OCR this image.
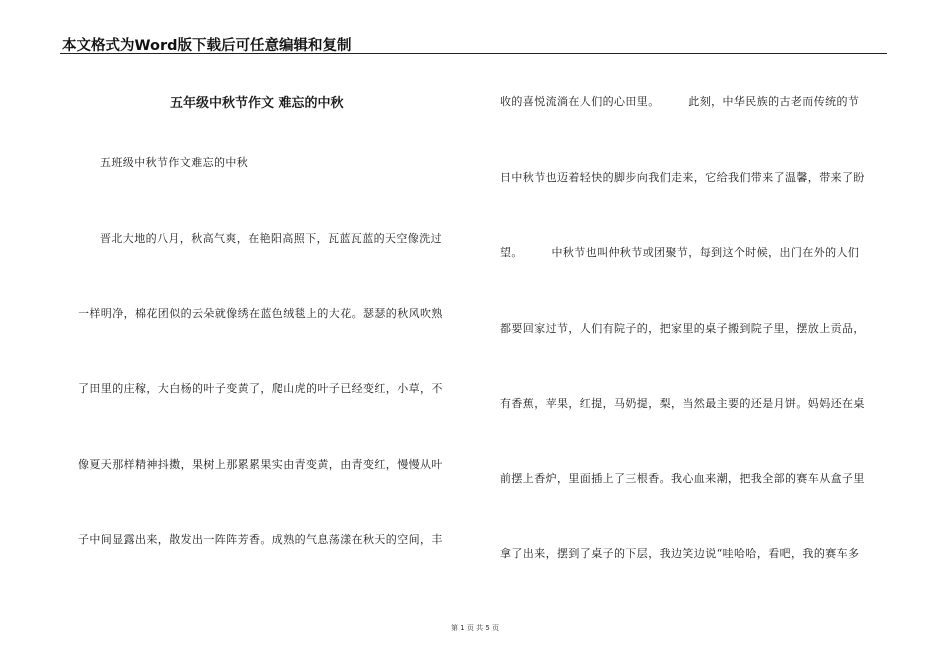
本文格式为Word版下载后可任意编辑和复制
五年级中秋节作文 难忘的中秋
五班级中秋节作文难忘的中秋
晋北大地的八月，秋高气爽，在艳阳高照下，瓦蓝瓦蓝的天空像洗过
一样明净，棉花团似的云朵就像绣在蓝色绒毯上的大花。瑟瑟的秋风吹熟
了田里的庄稼，大白杨的叶子变黄了，爬山虎的叶子已经变红，小草，不
像夏天那样精神抖擞，果树上那累累果实由青变黄，由青变红，慢慢从叶
子中间显露出来，散发出一阵阵芳香。成熟的气息荡漾在秋天的空间，丰
收的喜悦流淌在人们的心田里。　　　此刻，中华民族的古老而传统的节
日中秋节也迈着轻快的脚步向我们走来，它给我们带来了温馨，带来了盼
望。　　　中秋节也叫仲秋节或团聚节，每到这个时候，出门在外的人们
都要回家过节，人们有院子的，把家里的桌子搬到院子里，摆放上贡品，
有香蕉，苹果，红提，马奶提，梨，当然最主要的还是月饼。妈妈还在桌
前摆上香炉，里面插上了三根香。我心血来潮，把我全部的赛车从盒子里
拿了出来，摆到了桌子的下层，我边笑边说“哇哈哈，看吧，我的赛车多
第 1 页 共 5 页
